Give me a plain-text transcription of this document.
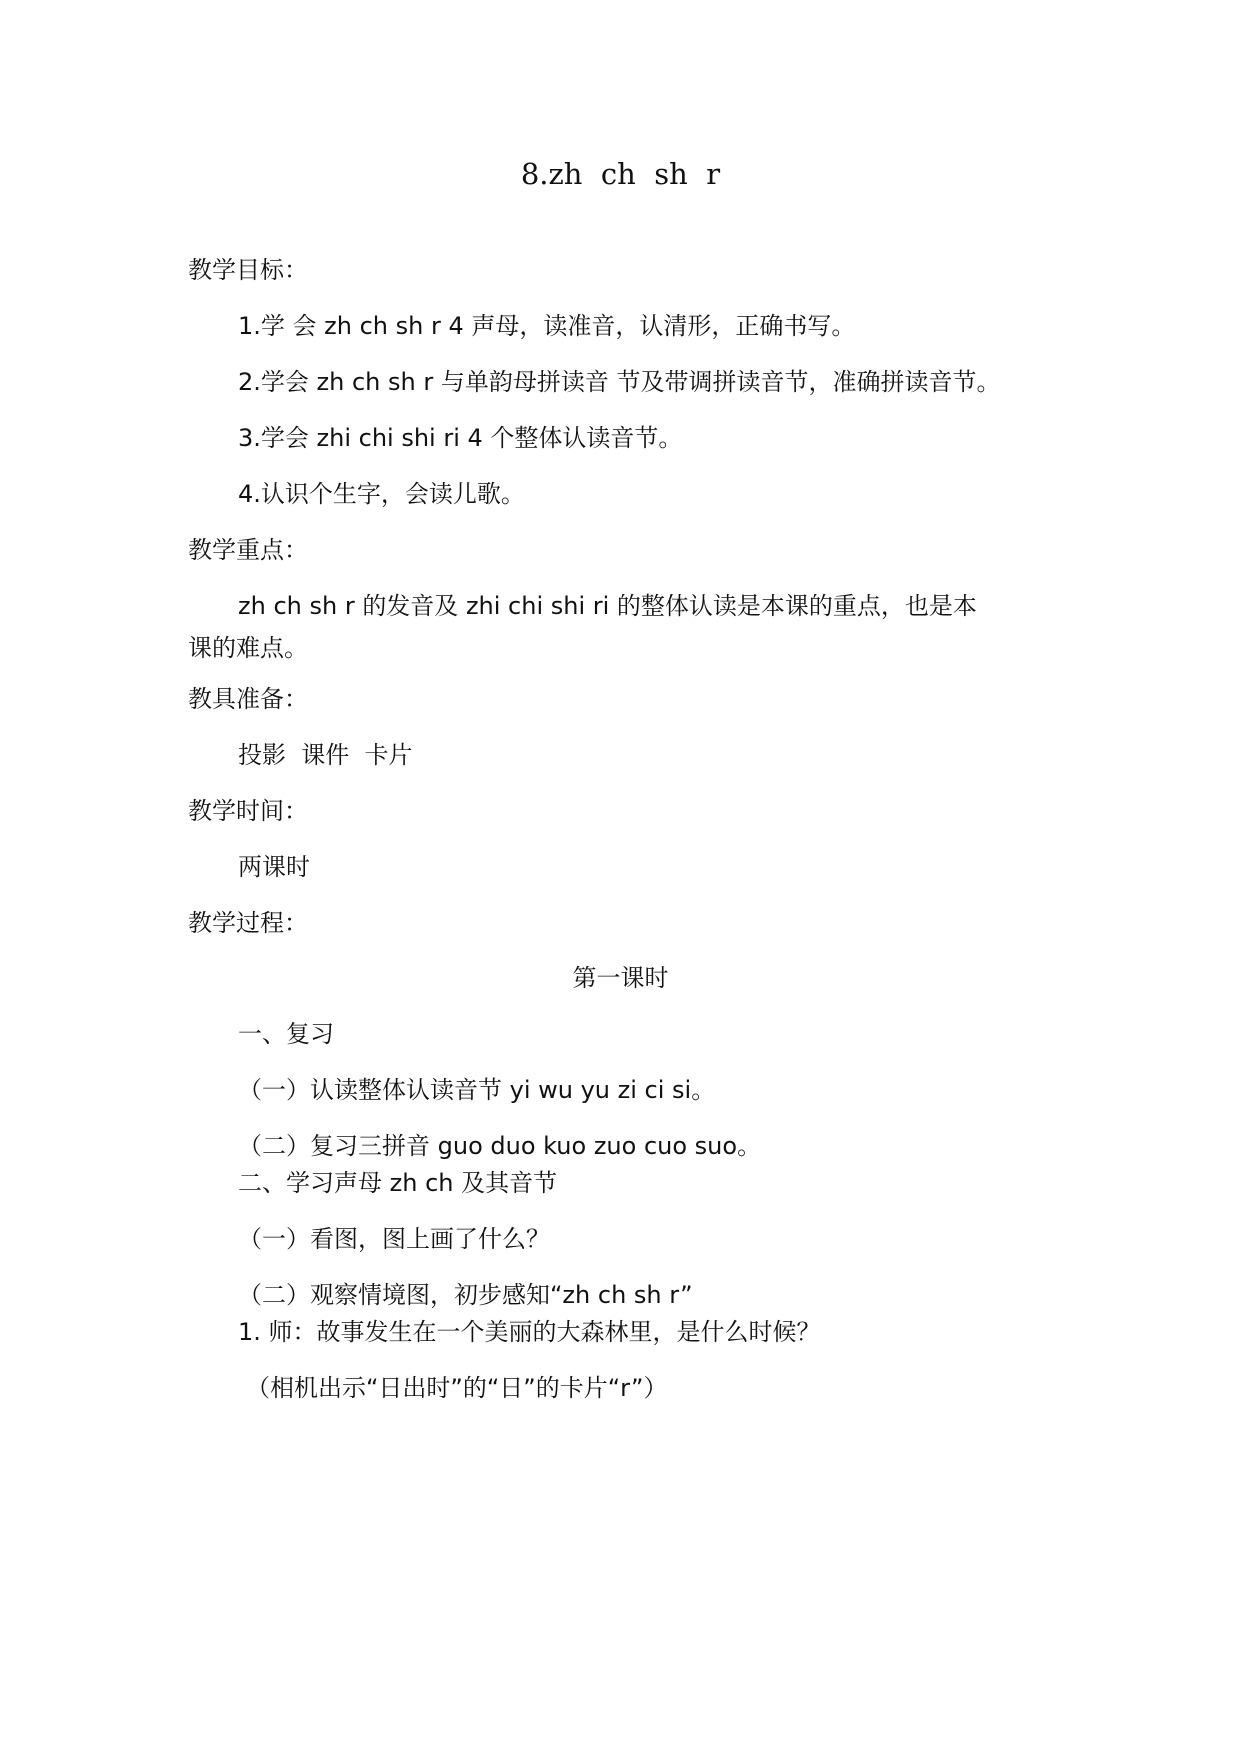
8.zh  ch  sh  r
教学目标：
1.学 会 zh ch sh r 4 声母，读准音，认清形，正确书写。
2.学会 zh ch sh r 与单韵母拼读音 节及带调拼读音节，准确拼读音节。
3.学会 zhi chi shi ri 4 个整体认读音节。
4.认识个生字，会读儿歌。
教学重点：
zh ch sh r 的发音及 zhi chi shi ri 的整体认读是本课的重点，也是本课的难点。
教具准备：
投影  课件  卡片
教学时间：
两课时
教学过程：
第一课时
一、复习
（一）认读整体认读音节 yi wu yu zi ci si。
（二）复习三拼音 guo duo kuo zuo cuo suo。
二、学习声母 zh ch 及其音节
（一）看图，图上画了什么？
（二）观察情境图，初步感知“zh ch sh r”
1. 师：故事发生在一个美丽的大森林里，是什么时候？
（相机出示“日出时”的“日”的卡片“r”）
